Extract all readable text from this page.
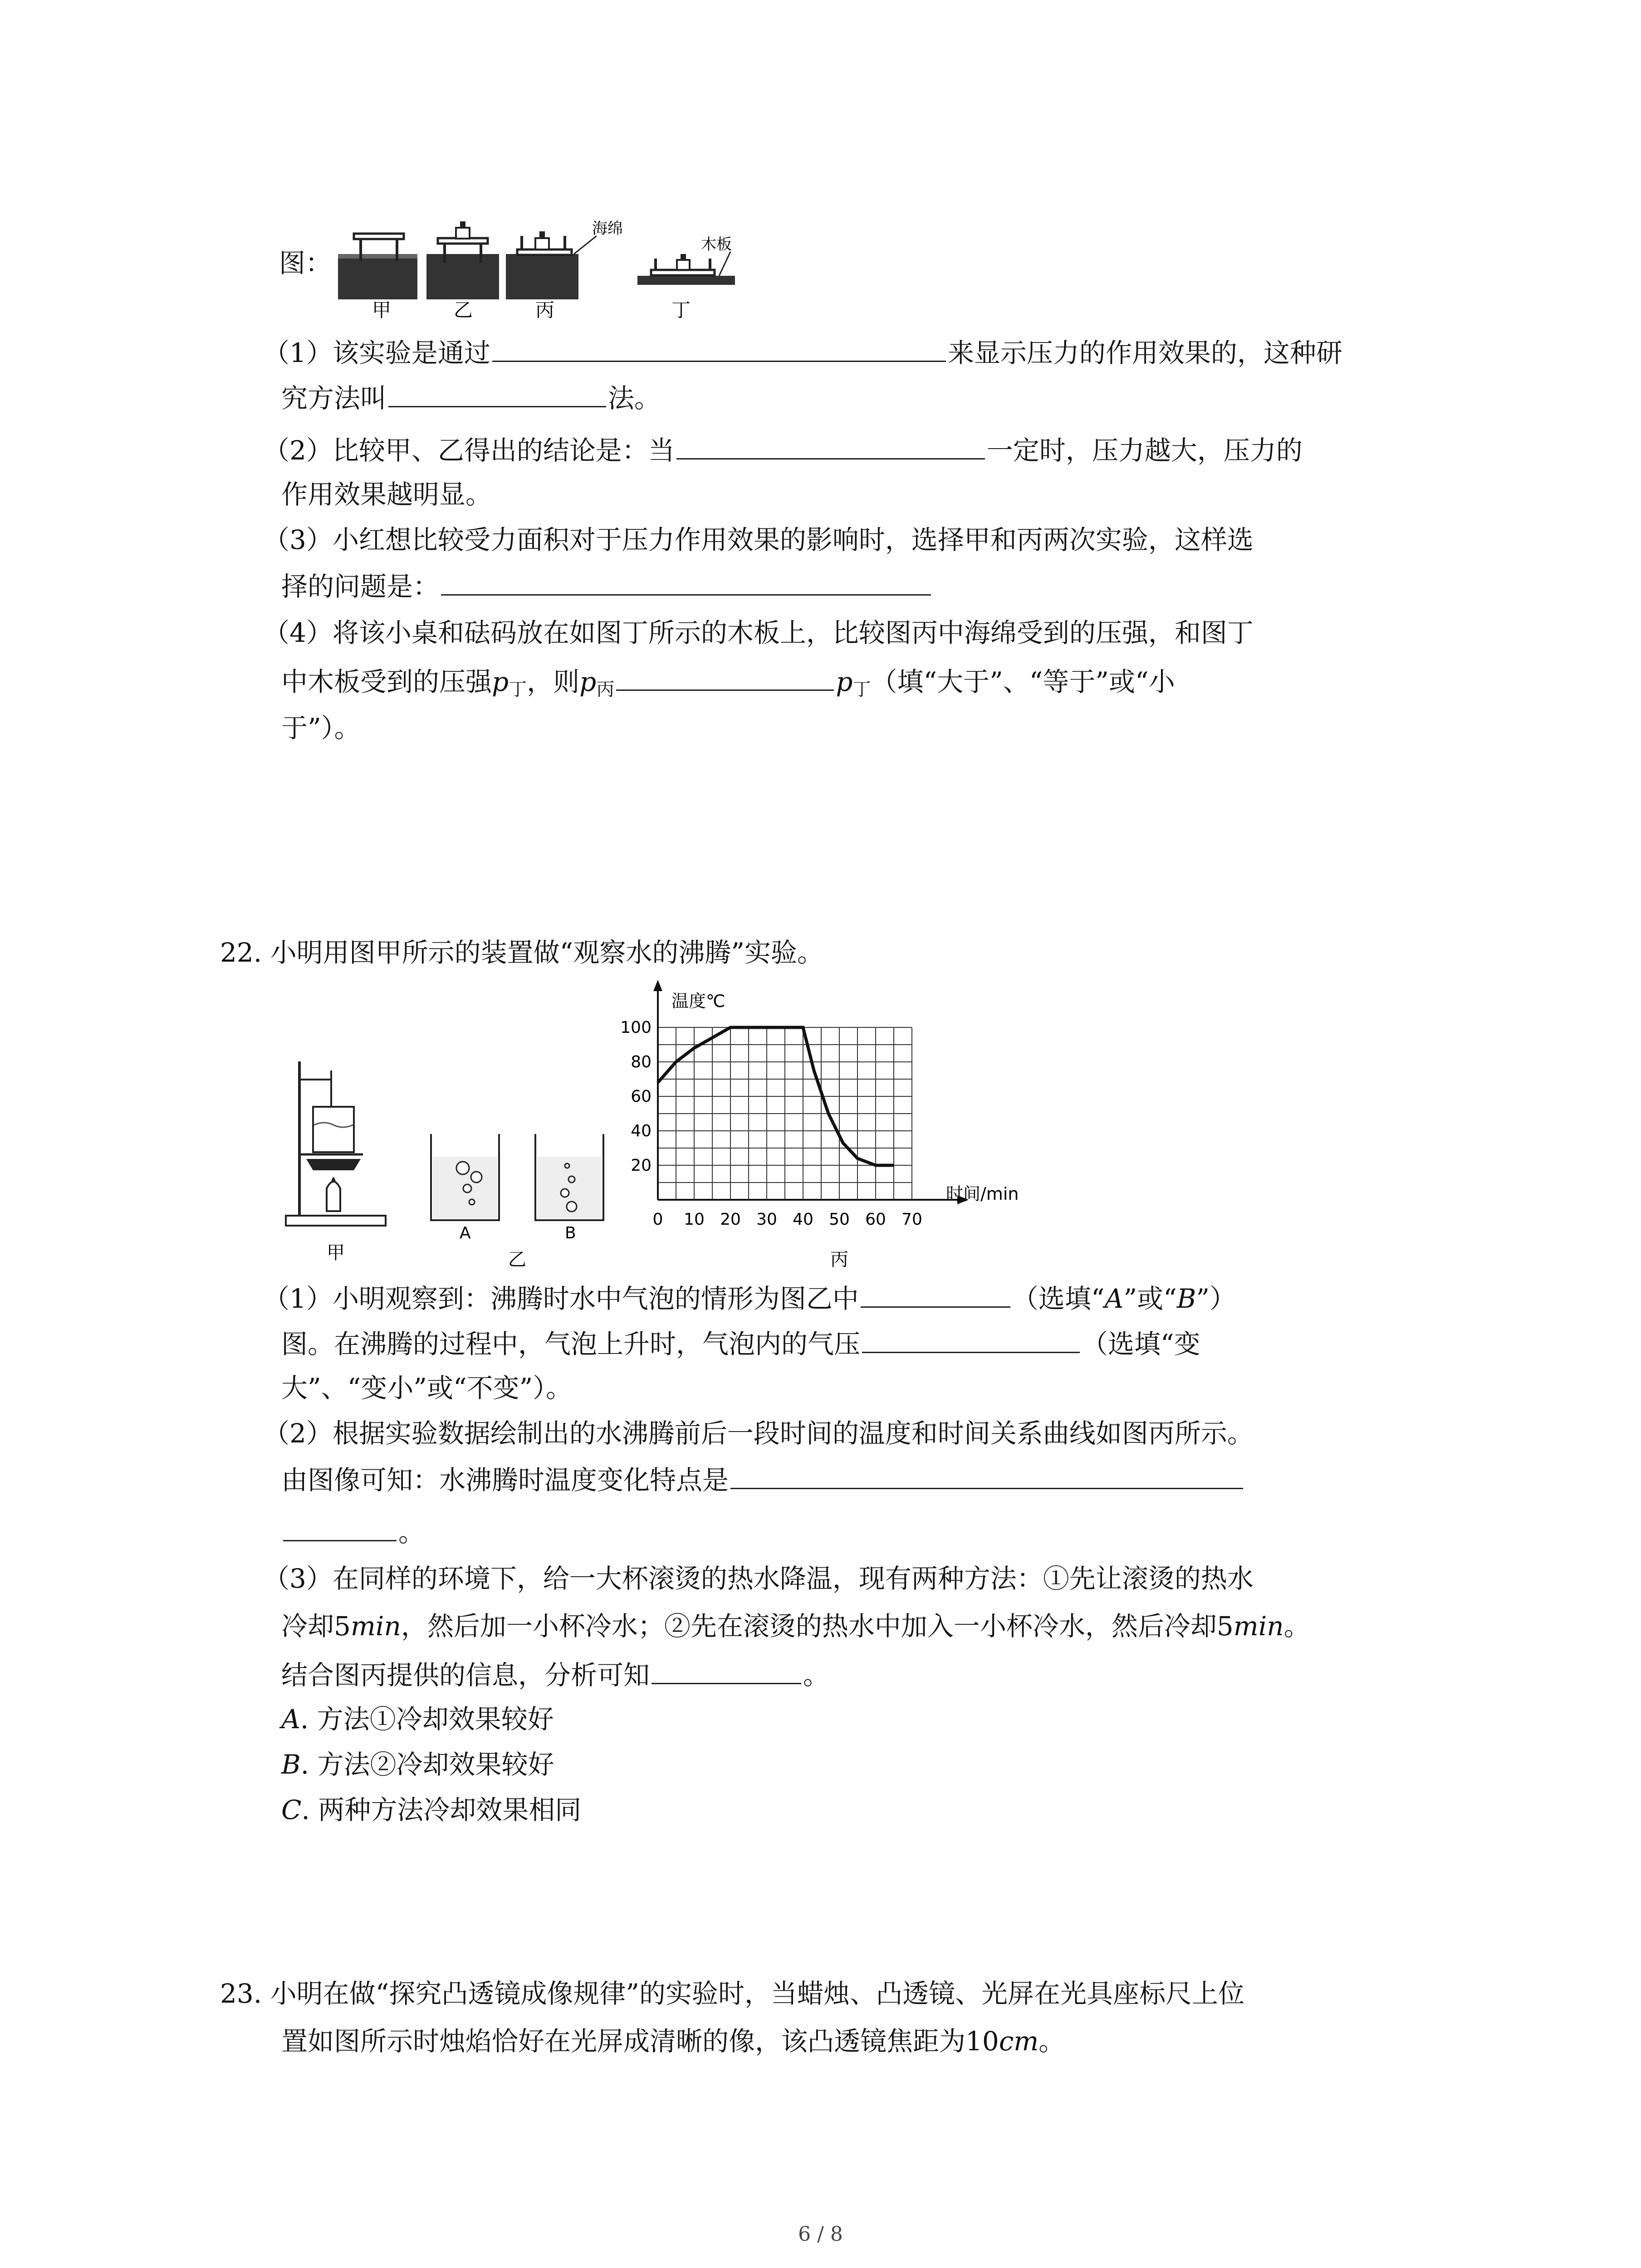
图：
甲	乙
海绵
丙
木板
丁
（1）该实验是通过	来显示压力的作用效果的，这种研
究方法叫	法。
（2）比较甲、乙得出的结论是：当	一定时，压力越大，压力的
作用效果越明显。
（3）小红想比较受力面积对于压力作用效果的影响时，选择甲和丙两次实验，这样选
择的问题是：
（4）将该小桌和砝码放在如图丁所示的木板上，比较图丙中海绵受到的压强，和图丁
中木板受到的压强$p_丁$，则$p_丙$	$p_丁$（填“大于”、“等于”或“小
于”）。
22. 小明用图甲所示的装置做“观察水的沸腾”实验。
甲
A	B
乙
0 10 20 30 40 50 60 70
20
40
60
80
100
温度℃
时间/min
丙
（1）小明观察到：沸腾时水中气泡的情形为图乙中	（选填“A”或“B”）
图。在沸腾的过程中，气泡上升时，气泡内的气压	（选填“变
大”、“变小”或“不变”）。
（2）根据实验数据绘制出的水沸腾前后一段时间的温度和时间关系曲线如图丙所示。
由图像可知：水沸腾时温度变化特点是
。
（3）在同样的环境下，给一大杯滚烫的热水降温，现有两种方法：①先让滚烫的热水
冷却5min，然后加一小杯冷水；②先在滚烫的热水中加入一小杯冷水，然后冷却5min。
结合图丙提供的信息，分析可知	。
A. 方法①冷却效果较好
B. 方法②冷却效果较好
C. 两种方法冷却效果相同
23. 小明在做“探究凸透镜成像规律”的实验时，当蜡烛、凸透镜、光屏在光具座标尺上位
置如图所示时烛焰恰好在光屏成清晰的像，该凸透镜焦距为10cm。
6 / 8
